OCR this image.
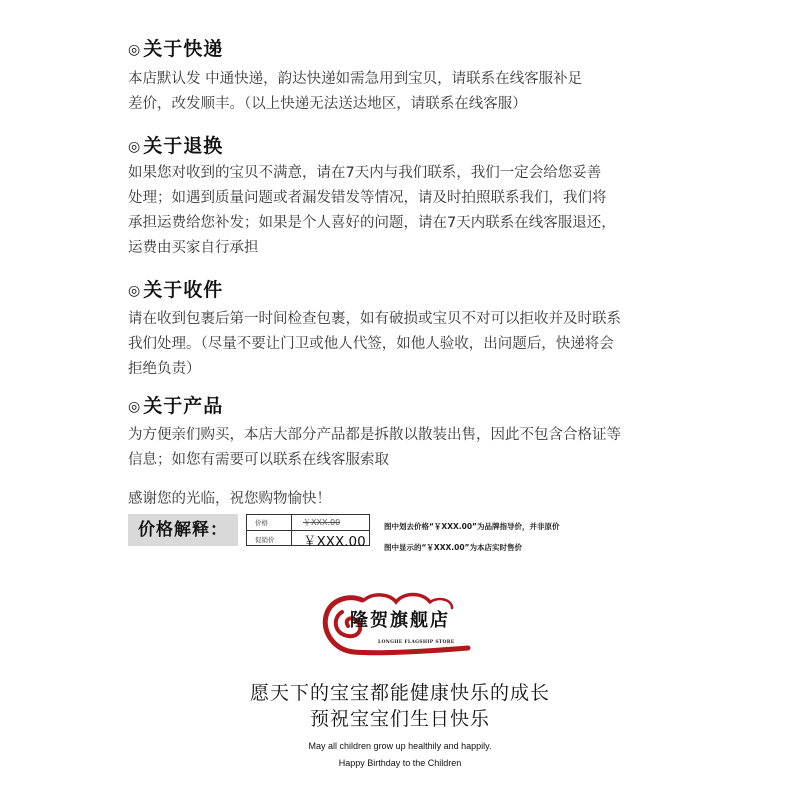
◎ 关于快递

本店默认发 中通快递，韵达快递如需急用到宝贝，请联系在线客服补足

差价，改发顺丰。（以上快递无法送达地区，请联系在线客服）

◎ 关于退换

如果您对收到的宝贝不满意，请在7天内与我们联系，我们一定会给您妥善

处理；如遇到质量问题或者漏发错发等情况，请及时拍照联系我们，我们将

承担运费给您补发；如果是个人喜好的问题，请在7天内联系在线客服退还，

运费由买家自行承担

◎ 关于收件

请在收到包裹后第一时间检查包裹，如有破损或宝贝不对可以拒收并及时联系

我们处理。（尽量不要让门卫或他人代签，如他人验收，出问题后，快递将会

拒绝负责）

◎ 关于产品

为方便亲们购买，本店大部分产品都是拆散以散装出售，因此不包含合格证等

信息；如您有需要可以联系在线客服索取

感谢您的光临，祝您购物愉快！
价格解释：	价格	￥XXX.00
促销价 ￥XXX.00

图中划去价格“￥XXX.00”为品牌指导价，并非原价

图中显示的“￥XXX.00”为本店实时售价

隆贺旗舰店
LONGHE FLAGSHIP STORE
愿天下的宝宝都能健康快乐的成长
预祝宝宝们生日快乐
May all children grow up healthily and happily.
Happy Birthday to the Children
